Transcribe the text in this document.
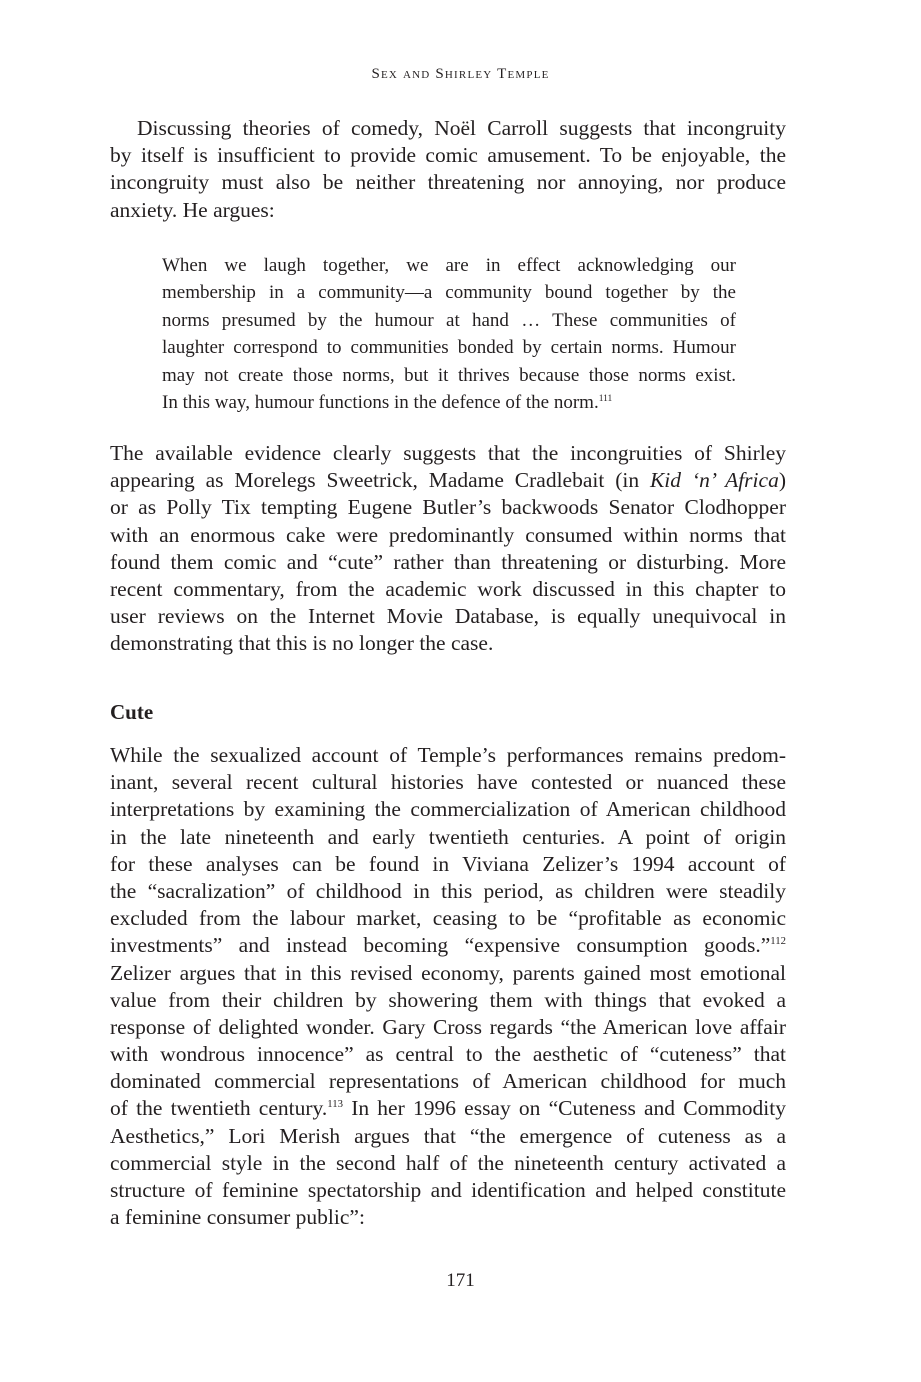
Sex and Shirley Temple
Discussing theories of comedy, Noël Carroll suggests that incongruity
by itself is insufficient to provide comic amusement. To be enjoyable, the
incongruity must also be neither threatening nor annoying, nor produce
anxiety. He argues:
When we laugh together, we are in effect acknowledging our
membership in a community—a community bound together by the
norms presumed by the humour at hand … These communities of
laughter correspond to communities bonded by certain norms. Humour
may not create those norms, but it thrives because those norms exist.
In this way, humour functions in the defence of the norm.$^{111}$
The available evidence clearly suggests that the incongruities of Shirley
appearing as Morelegs Sweetrick, Madame Cradlebait (in Kid ‘n’ Africa)
or as Polly Tix tempting Eugene Butler’s backwoods Senator Clodhopper
with an enormous cake were predominantly consumed within norms that
found them comic and “cute” rather than threatening or disturbing. More
recent commentary, from the academic work discussed in this chapter to
user reviews on the Internet Movie Database, is equally unequivocal in
demonstrating that this is no longer the case.
Cute
While the sexualized account of Temple’s performances remains predom-
inant, several recent cultural histories have contested or nuanced these
interpretations by examining the commercialization of American childhood
in the late nineteenth and early twentieth centuries. A point of origin
for these analyses can be found in Viviana Zelizer’s 1994 account of
the “sacralization” of childhood in this period, as children were steadily
excluded from the labour market, ceasing to be “profitable as economic
investments” and instead becoming “expensive consumption goods.”$^{112}$
Zelizer argues that in this revised economy, parents gained most emotional
value from their children by showering them with things that evoked a
response of delighted wonder. Gary Cross regards “the American love affair
with wondrous innocence” as central to the aesthetic of “cuteness” that
dominated commercial representations of American childhood for much
of the twentieth century.$^{113}$ In her 1996 essay on “Cuteness and Commodity
Aesthetics,” Lori Merish argues that “the emergence of cuteness as a
commercial style in the second half of the nineteenth century activated a
structure of feminine spectatorship and identification and helped constitute
a feminine consumer public”:
171
